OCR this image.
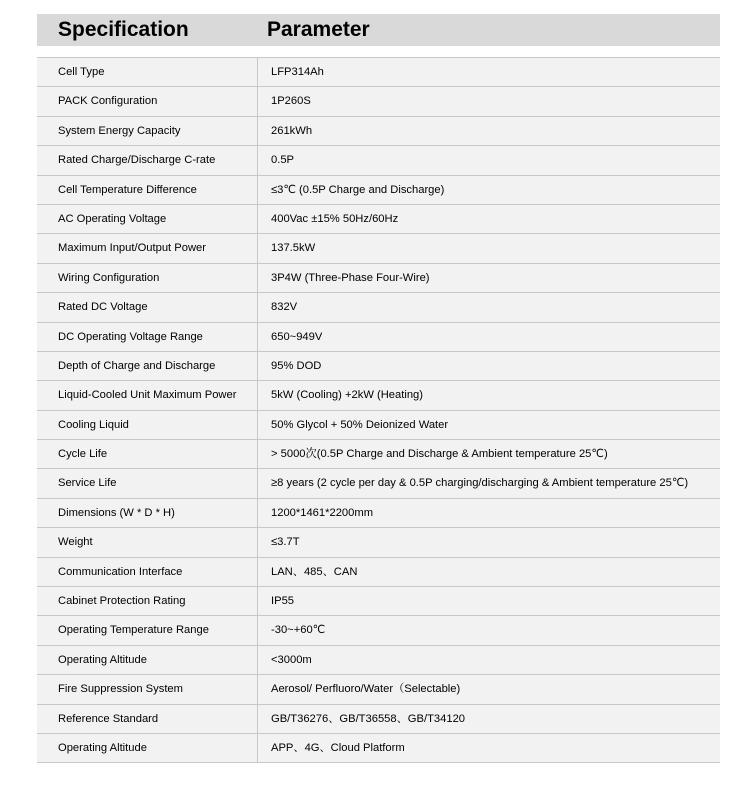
Specification	Parameter
Cell Type	LFP314Ah
PACK Configuration	1P260S
System Energy Capacity	261kWh
Rated Charge/Discharge C-rate	0.5P
Cell Temperature Difference	≤3℃ (0.5P Charge and Discharge)
AC Operating Voltage	400Vac ±15% 50Hz/60Hz
Maximum Input/Output Power	137.5kW
Wiring Configuration	3P4W (Three-Phase Four-Wire)
Rated DC Voltage	832V
DC Operating Voltage Range	650~949V
Depth of Charge and Discharge	95% DOD
Liquid-Cooled Unit Maximum Power	5kW (Cooling) +2kW (Heating)
Cooling Liquid	50% Glycol + 50% Deionized Water
Cycle Life	> 5000次(0.5P Charge and Discharge & Ambient temperature 25℃)
Service Life	≥8 years (2 cycle per day & 0.5P charging/discharging & Ambient temperature 25℃)
Dimensions (W * D * H)	1200*1461*2200mm
Weight	≤3.7T
Communication Interface	LAN、485、CAN
Cabinet Protection Rating	IP55
Operating Temperature Range	-30~+60℃
Operating Altitude	<3000m
Fire Suppression System	Aerosol/ Perfluoro/Water（Selectable)
Reference Standard	GB/T36276、GB/T36558、GB/T34120
Operating Altitude	APP、4G、Cloud Platform
